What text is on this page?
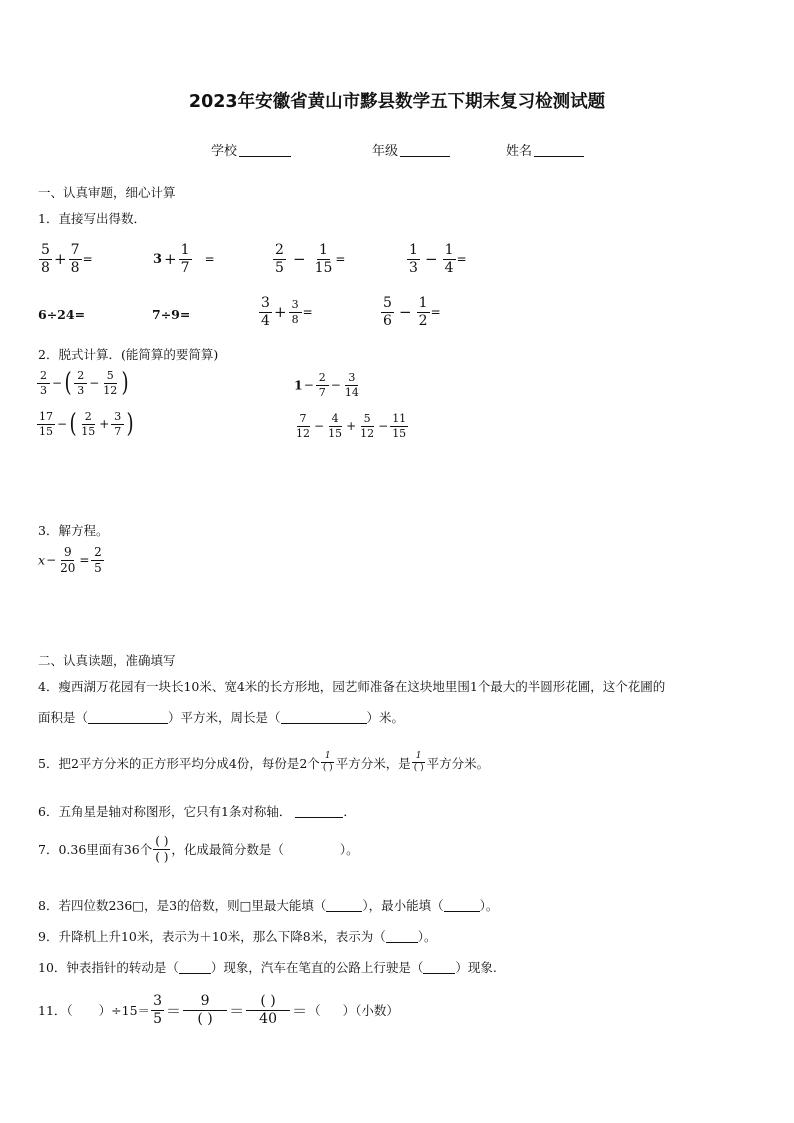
2023年安徽省黄山市黟县数学五下期末复习检测试题
学校	年级	姓名
一、认真审题，细心计算
1．直接写出得数．
$\frac{5}{8} + \frac{7}{8}$ =	$3 + \frac{1}{7}$ =	$\frac{2}{5} - \frac{1}{15}$ =	$\frac{1}{3} - \frac{1}{4}$ =
6÷24=	7÷9=	$\frac{3}{4} + \frac{3}{8}$ =	$\frac{5}{6} - \frac{1}{2}$ =
2．脱式计算．(能简算的要简算)
$\frac{2}{3}$ −( $\frac{2}{3} - \frac{5}{12}$ )	$1- \frac{2}{7} - \frac{3}{14}$
$\frac{17}{15}$ −( $\frac{2}{15} + \frac{3}{7}$ )	$\frac{7}{12} - \frac{4}{15} + \frac{5}{12} - \frac{11}{15}$
3．解方程。
$x- \frac{9}{20} = \frac{2}{5}$
二、认真读题，准确填写
4．瘦西湖万花园有一块长10米、宽4米的长方形地，园艺师准备在这块地里围1个最大的半圆形花圃，这个花圃的
面积是（	）平方米，周长是（	）米。
5．把2平方分米的正方形平均分成4份，每份是2个 1
( ) 平方分米，是 1
( ) 平方分米。
6．五角星是轴对称图形，它只有1条对称轴．	．
7．0.36里面有36个
( )
( ) ，化成最简分数是（	）。
8．若四位数236□，是3的倍数，则□里最大能填（	），最小能填（	）。
9．升降机上升10米，表示为＋10米，那么下降8米，表示为（	）。
10．钟表指针的转动是（	）现象，汽车在笔直的公路上行驶是（	）现象.
11．（ ）$\div 15= \frac{3}{5}$ ＝
9
( ) ＝
( )
40 ＝（ ）（小数）
